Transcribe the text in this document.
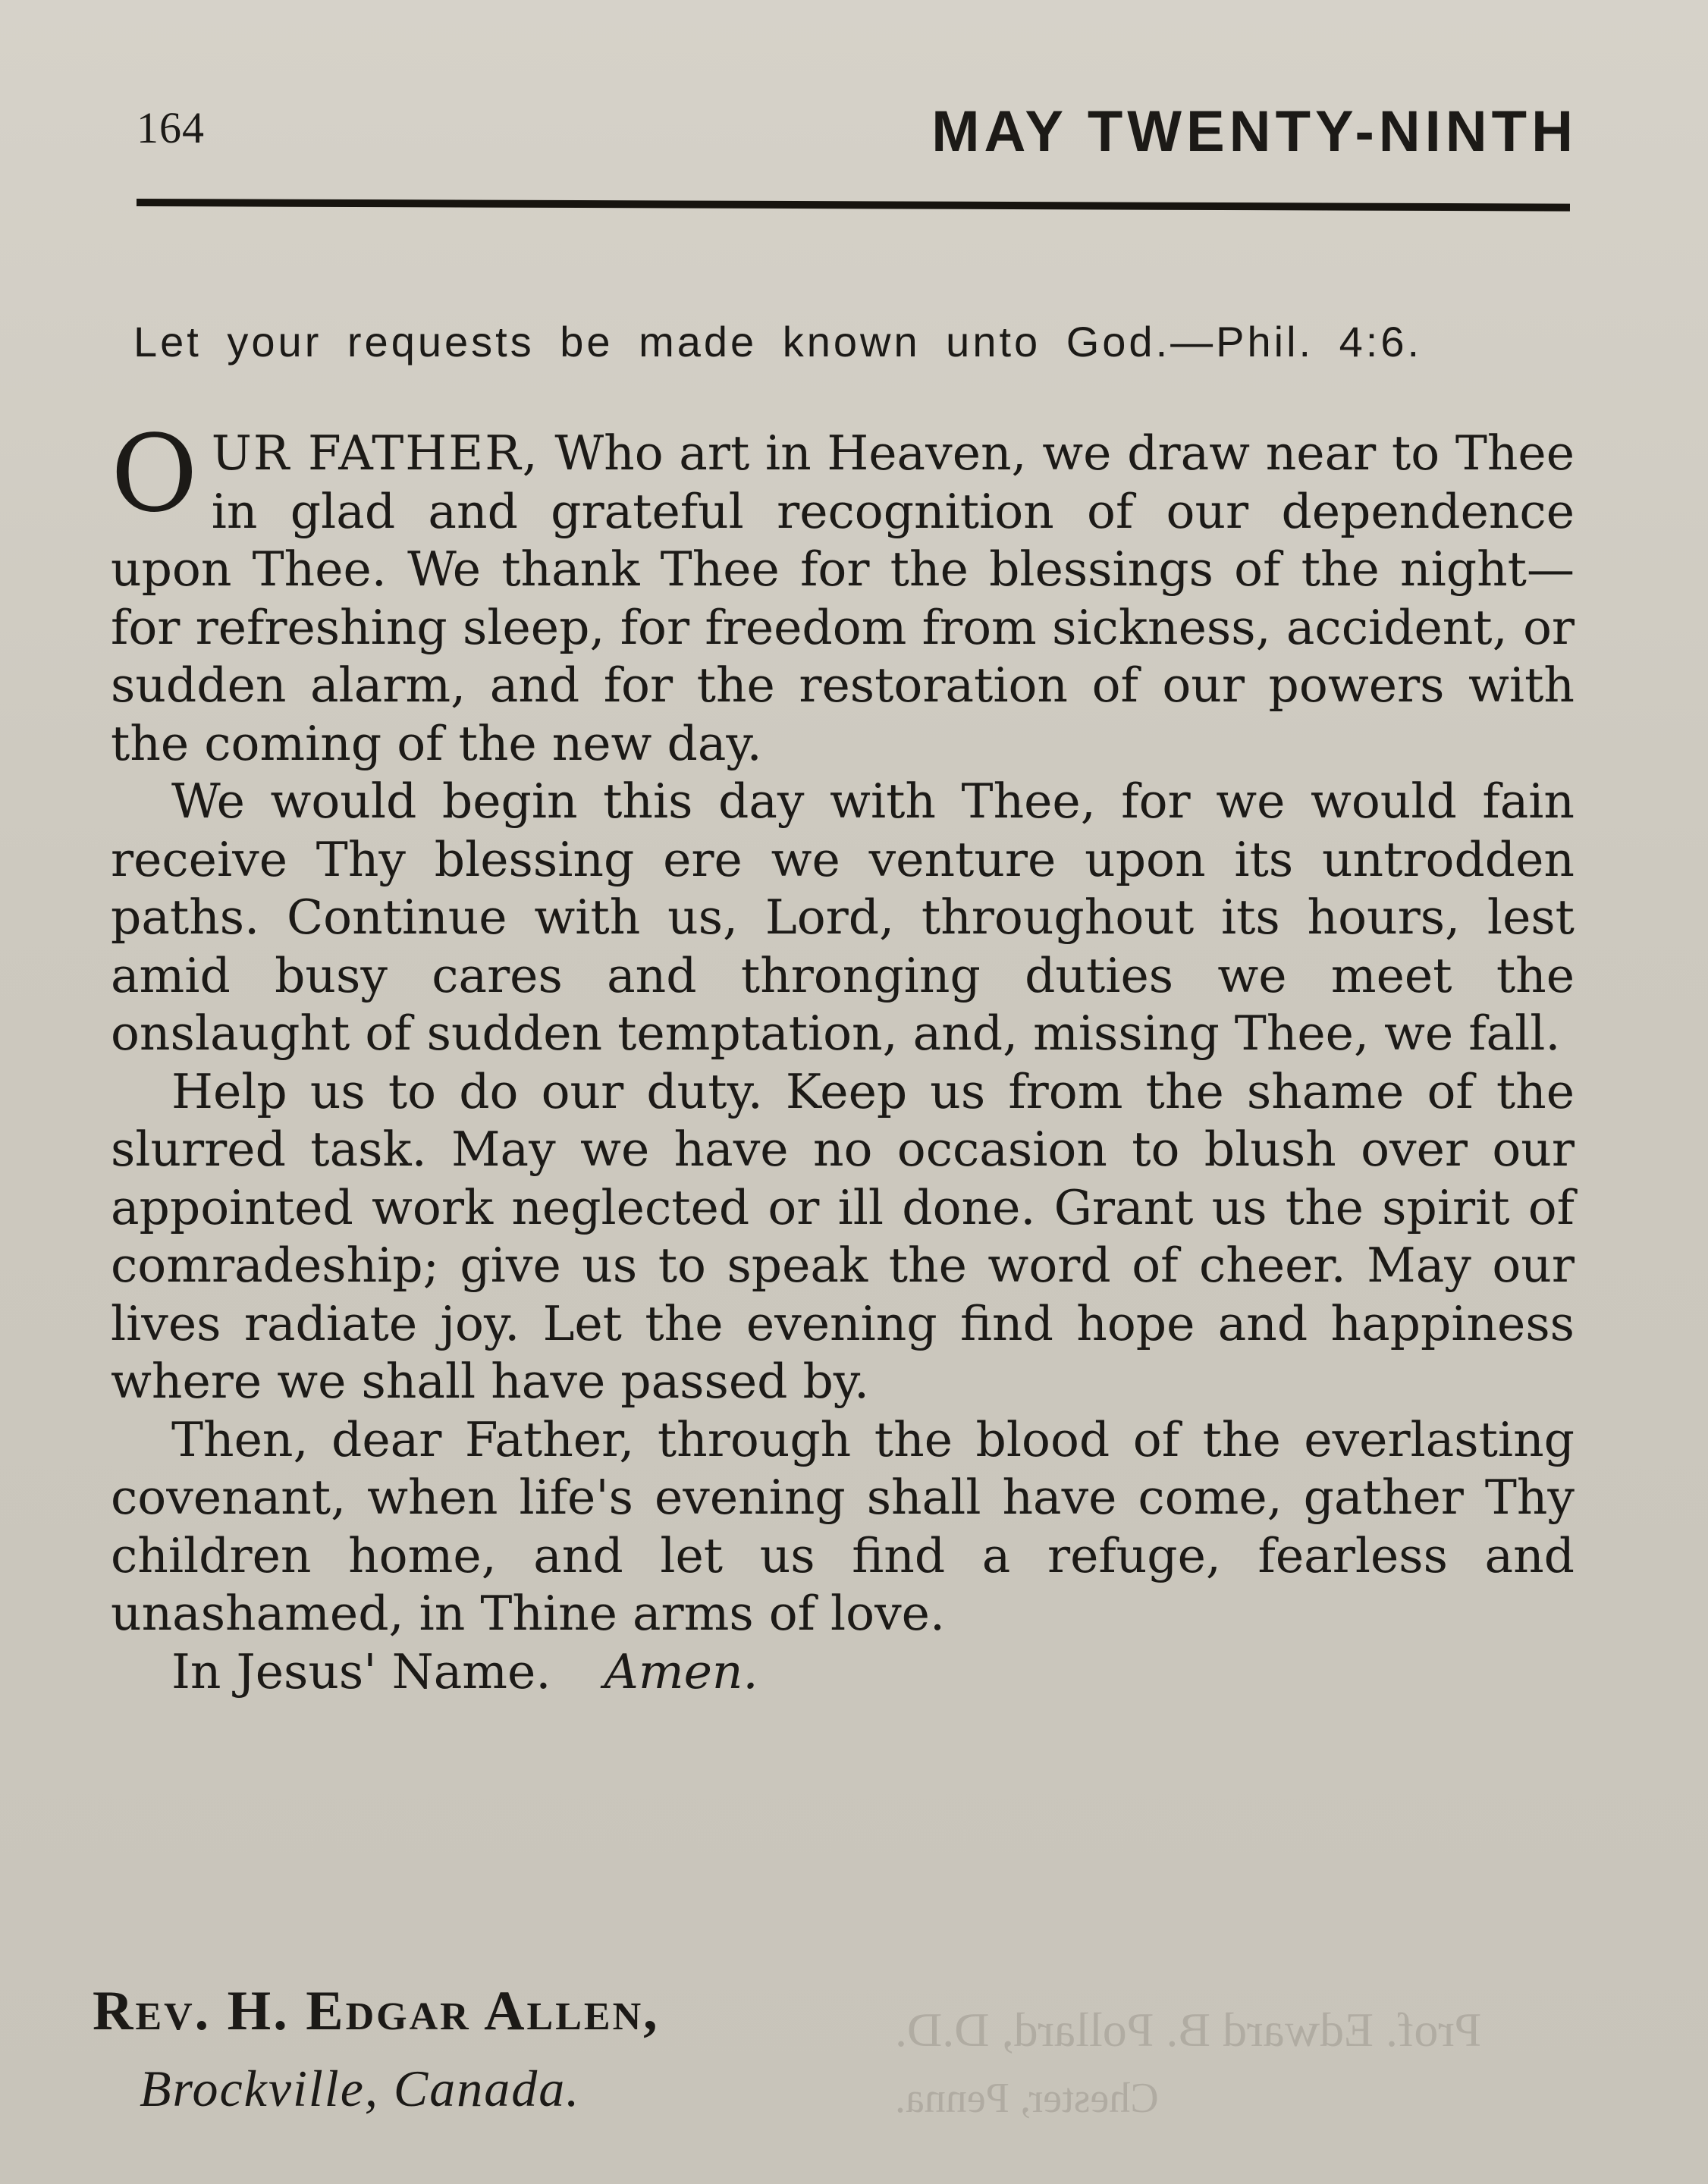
Prof. Edward B. Pollard, D.D.
Chester, Penna.
164	MAY TWENTY-NINTH
Let your requests be made known unto God.—Phil. 4:6.

O UR FATHER, Who art in Heaven, we draw near to Thee in glad and grateful recognition of our dependence upon Thee. We thank Thee for the blessings of the night—for refreshing sleep, for freedom from sickness, accident, or sudden alarm, and for the restoration of our powers with the coming of the new day.

We would begin this day with Thee, for we would fain receive Thy blessing ere we venture upon its untrodden paths. Continue with us, Lord, throughout its hours, lest amid busy cares and thronging duties we meet the onslaught of sudden temptation, and, missing Thee, we fall.

Help us to do our duty. Keep us from the shame of the slurred task. May we have no occasion to blush over our appointed work neglected or ill done. Grant us the spirit of comradeship; give us to speak the word of cheer. May our lives radiate joy. Let the evening find hope and happiness where we shall have passed by.

Then, dear Father, through the blood of the everlasting covenant, when life's evening shall have come, gather Thy children home, and let us find a refuge, fearless and unashamed, in Thine arms of love.

In Jesus' Name. Amen.

Rev. H. Edgar Allen,
Brockville, Canada.
